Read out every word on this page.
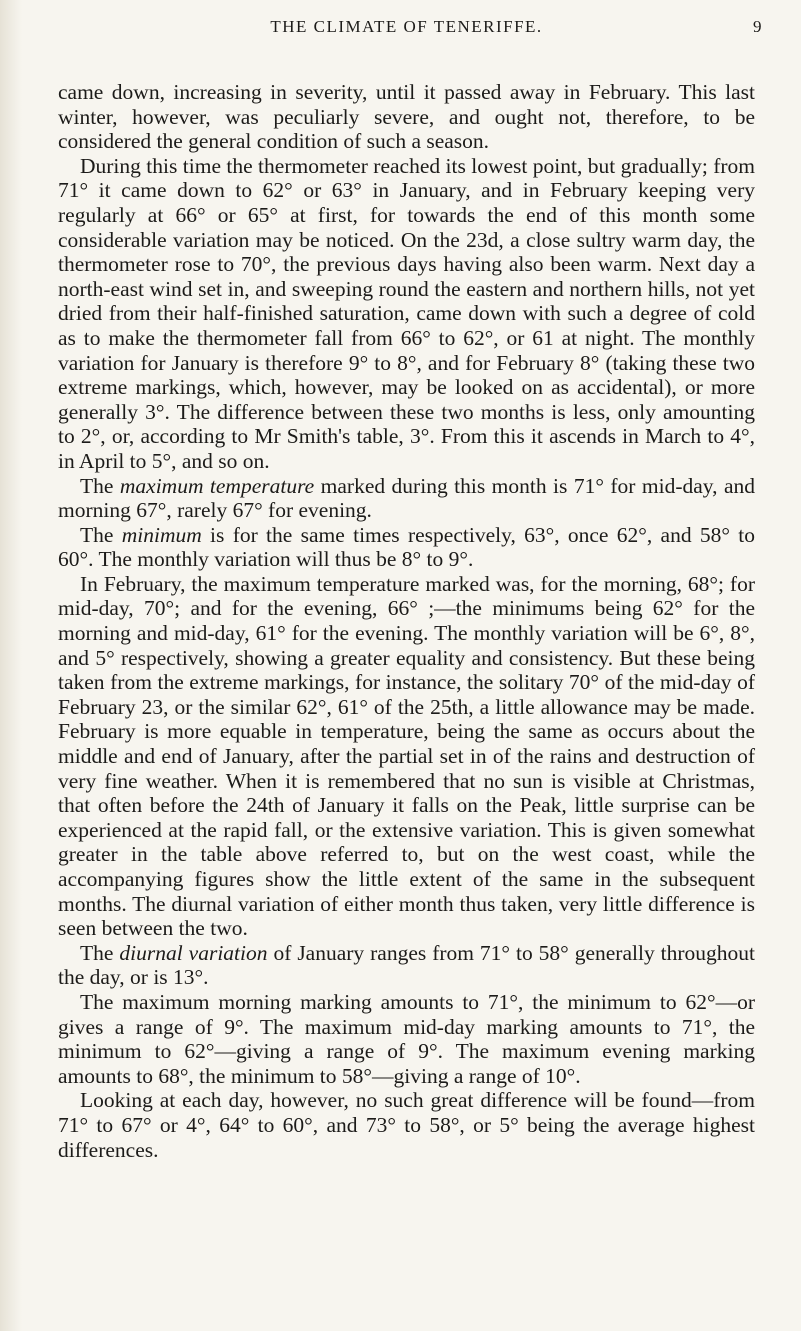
THE CLIMATE OF TENERIFFE.	9

came down, increasing in severity, until it passed away in February. This last winter, however, was peculiarly severe, and ought not, therefore, to be considered the general condition of such a season.

During this time the thermometer reached its lowest point, but gradually; from 71° it came down to 62° or 63° in January, and in February keeping very regularly at 66° or 65° at first, for towards the end of this month some considerable variation may be noticed. On the 23d, a close sultry warm day, the thermometer rose to 70°, the previous days having also been warm. Next day a north-east wind set in, and sweeping round the eastern and northern hills, not yet dried from their half-finished saturation, came down with such a degree of cold as to make the thermometer fall from 66° to 62°, or 61 at night. The monthly variation for January is therefore 9° to 8°, and for February 8° (taking these two extreme markings, which, however, may be looked on as accidental), or more generally 3°. The difference between these two months is less, only amounting to 2°, or, according to Mr Smith's table, 3°. From this it ascends in March to 4°, in April to 5°, and so on.

The maximum temperature marked during this month is 71° for mid-day, and morning 67°, rarely 67° for evening.

The minimum is for the same times respectively, 63°, once 62°, and 58° to 60°. The monthly variation will thus be 8° to 9°.

In February, the maximum temperature marked was, for the morning, 68°; for mid-day, 70°; and for the evening, 66° ;—the minimums being 62° for the morning and mid-day, 61° for the evening. The monthly variation will be 6°, 8°, and 5° respectively, showing a greater equality and consistency. But these being taken from the extreme markings, for instance, the solitary 70° of the mid-day of February 23, or the similar 62°, 61° of the 25th, a little allowance may be made. February is more equable in temperature, being the same as occurs about the middle and end of January, after the partial set in of the rains and destruction of very fine weather. When it is remembered that no sun is visible at Christmas, that often before the 24th of January it falls on the Peak, little surprise can be experienced at the rapid fall, or the extensive variation. This is given somewhat greater in the table above referred to, but on the west coast, while the accompanying figures show the little extent of the same in the subsequent months. The diurnal variation of either month thus taken, very little difference is seen between the two.

The diurnal variation of January ranges from 71° to 58° generally throughout the day, or is 13°.

The maximum morning marking amounts to 71°, the minimum to 62°—or gives a range of 9°. The maximum mid-day marking amounts to 71°, the minimum to 62°—giving a range of 9°. The maximum evening marking amounts to 68°, the minimum to 58°—giving a range of 10°.

Looking at each day, however, no such great difference will be found—from 71° to 67° or 4°, 64° to 60°, and 73° to 58°, or 5° being the average highest differences.
